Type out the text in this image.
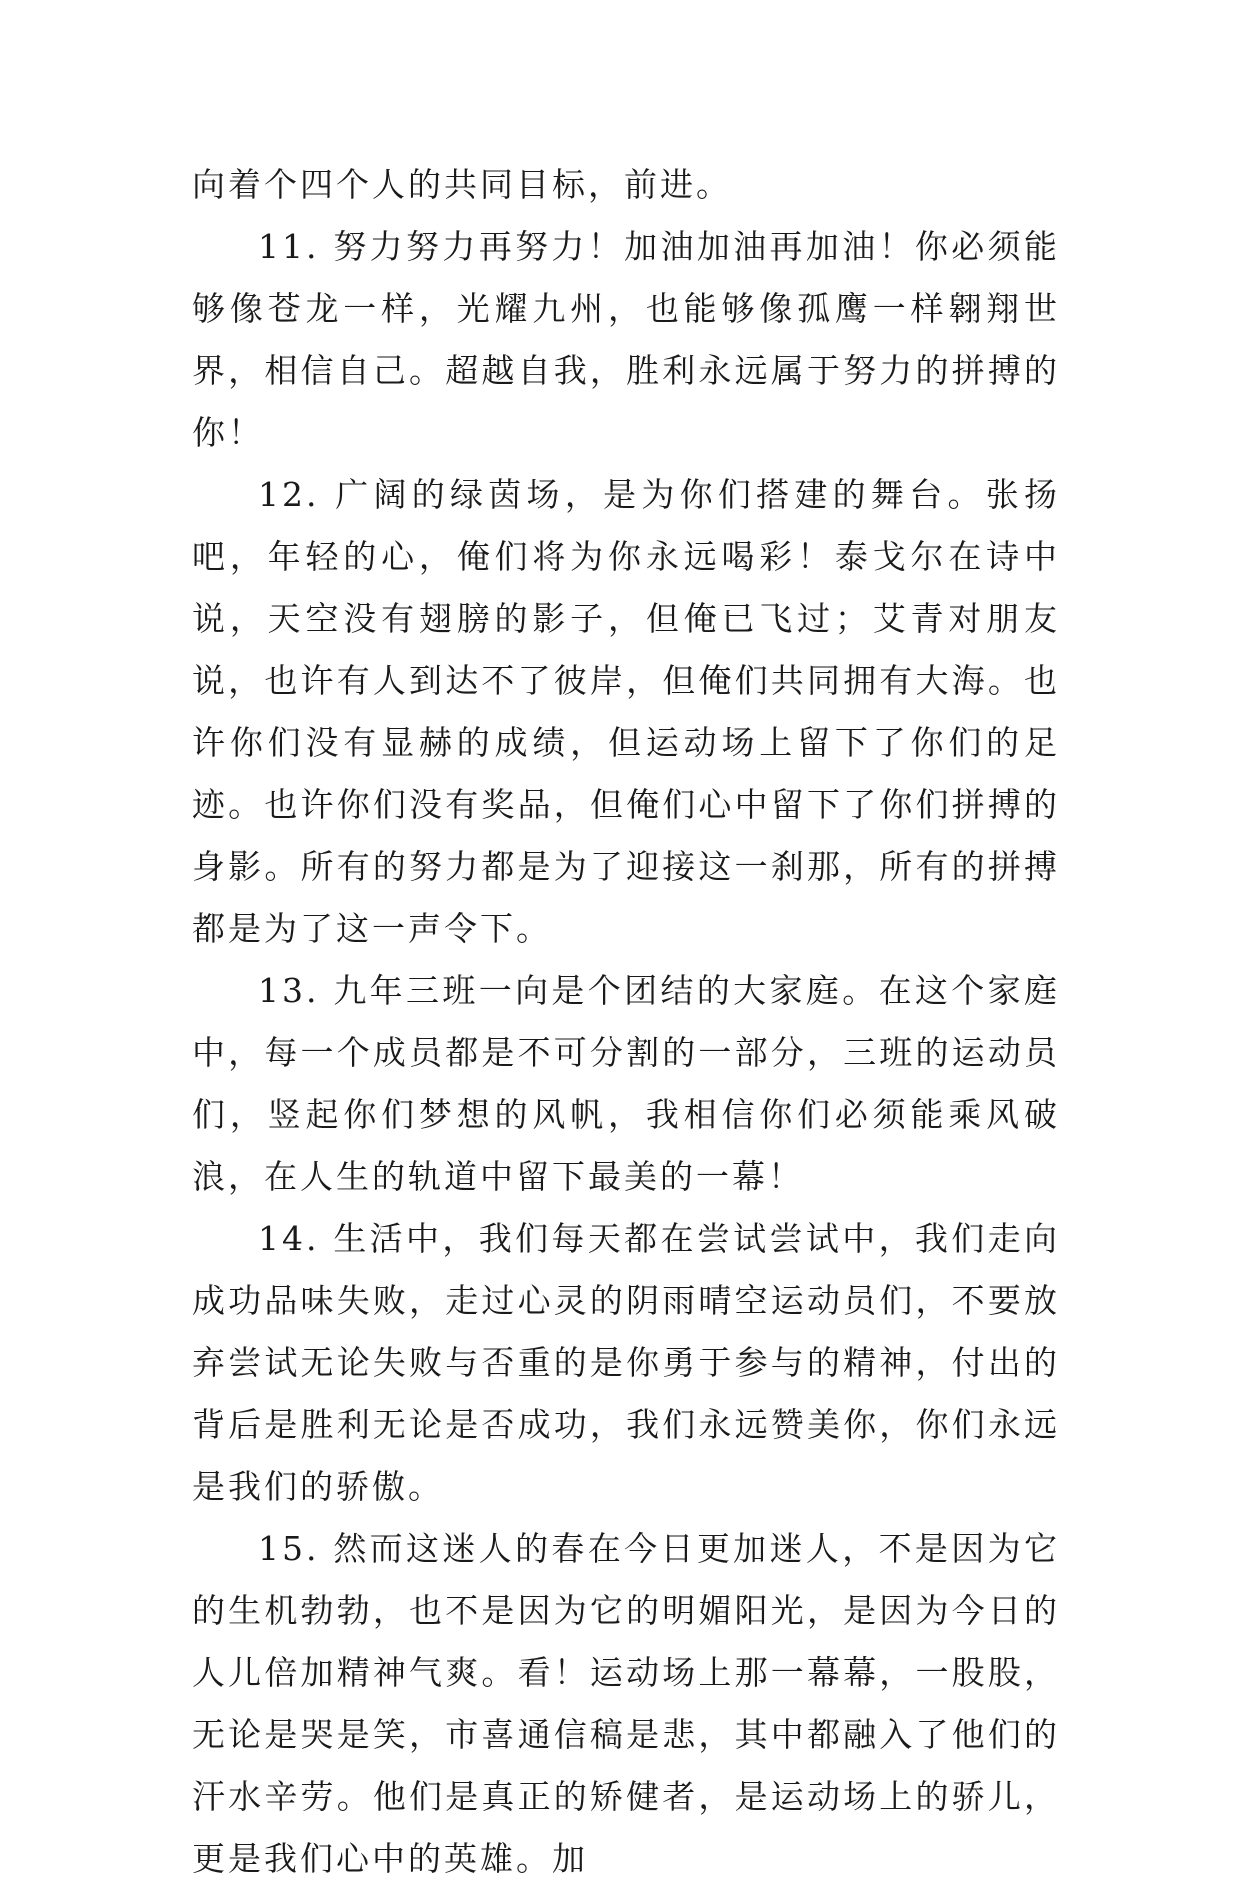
向着个四个人的共同目标，前进。

11. 努力努力再努力！加油加油再加油！你必须能够像苍龙一样，光耀九州，也能够像孤鹰一样翱翔世界，相信自己。超越自我，胜利永远属于努力的拼搏的你！

12. 广阔的绿茵场，是为你们搭建的舞台。张扬吧，年轻的心，俺们将为你永远喝彩！泰戈尔在诗中说，天空没有翅膀的影子，但俺已飞过；艾青对朋友说，也许有人到达不了彼岸，但俺们共同拥有大海。也许你们没有显赫的成绩，但运动场上留下了你们的足迹。也许你们没有奖品，但俺们心中留下了你们拼搏的身影。所有的努力都是为了迎接这一刹那，所有的拼搏都是为了这一声令下。

13. 九年三班一向是个团结的大家庭。在这个家庭中，每一个成员都是不可分割的一部分，三班的运动员们，竖起你们梦想的风帆，我相信你们必须能乘风破浪，在人生的轨道中留下最美的一幕！

14. 生活中，我们每天都在尝试尝试中，我们走向成功品味失败，走过心灵的阴雨晴空运动员们，不要放弃尝试无论失败与否重的是你勇于参与的精神，付出的背后是胜利无论是否成功，我们永远赞美你，你们永远是我们的骄傲。

15. 然而这迷人的春在今日更加迷人，不是因为它的生机勃勃，也不是因为它的明媚阳光，是因为今日的人儿倍加精神气爽。看！运动场上那一幕幕，一股股，无论是哭是笑，市喜通信稿是悲，其中都融入了他们的汗水辛劳。他们是真正的矫健者，是运动场上的骄儿，更是我们心中的英雄。加
